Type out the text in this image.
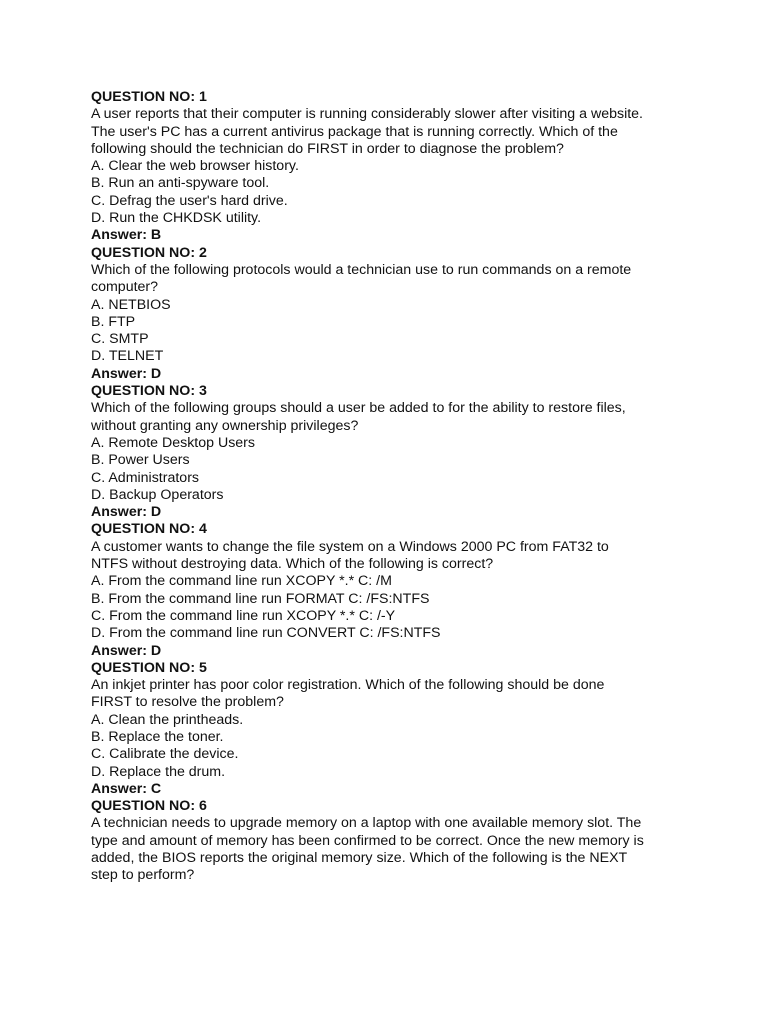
QUESTION NO: 1
A user reports that their computer is running considerably slower after visiting a website.
The user's PC has a current antivirus package that is running correctly. Which of the
following should the technician do FIRST in order to diagnose the problem?
A. Clear the web browser history.
B. Run an anti-spyware tool.
C. Defrag the user's hard drive.
D. Run the CHKDSK utility.
Answer: B
QUESTION NO: 2
Which of the following protocols would a technician use to run commands on a remote
computer?
A. NETBIOS
B. FTP
C. SMTP
D. TELNET
Answer: D
QUESTION NO: 3
Which of the following groups should a user be added to for the ability to restore files,
without granting any ownership privileges?
A. Remote Desktop Users
B. Power Users
C. Administrators
D. Backup Operators
Answer: D
QUESTION NO: 4
A customer wants to change the file system on a Windows 2000 PC from FAT32 to
NTFS without destroying data. Which of the following is correct?
A. From the command line run XCOPY *.* C: /M
B. From the command line run FORMAT C: /FS:NTFS
C. From the command line run XCOPY *.* C: /-Y
D. From the command line run CONVERT C: /FS:NTFS
Answer: D
QUESTION NO: 5
An inkjet printer has poor color registration. Which of the following should be done
FIRST to resolve the problem?
A. Clean the printheads.
B. Replace the toner.
C. Calibrate the device.
D. Replace the drum.
Answer: C
QUESTION NO: 6
A technician needs to upgrade memory on a laptop with one available memory slot. The
type and amount of memory has been confirmed to be correct. Once the new memory is
added, the BIOS reports the original memory size. Which of the following is the NEXT
step to perform?
